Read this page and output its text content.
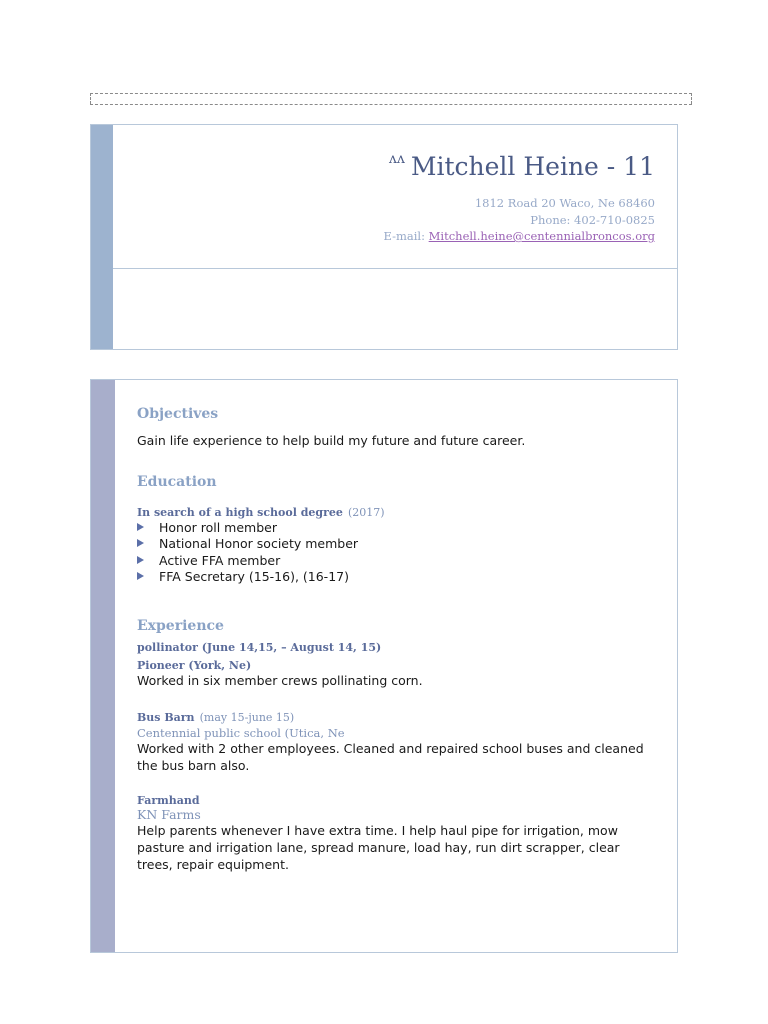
$^{ᴧᴧ}$ Mitchell Heine - 11
1812 Road 20 Waco, Ne 68460
Phone: 402-710-0825
E-mail: Mitchell.heine@centennialbroncos.org
Objectives
Gain life experience to help build my future and future career.
Education
In search of a high school degree (2017)
Honor roll member
National Honor society member
Active FFA member
FFA Secretary (15-16), (16-17)
Experience
pollinator (June 14,15, – August 14, 15)
Pioneer (York, Ne)
Worked in six member crews pollinating corn.
Bus Barn (may 15-june 15)
Centennial public school (Utica, Ne
Worked with 2 other employees. Cleaned and repaired school buses and cleaned the bus barn also.
Farmhand
KN Farms
Help parents whenever I have extra time. I help haul pipe for irrigation, mow pasture and irrigation lane, spread manure, load hay, run dirt scrapper, clear trees, repair equipment.
